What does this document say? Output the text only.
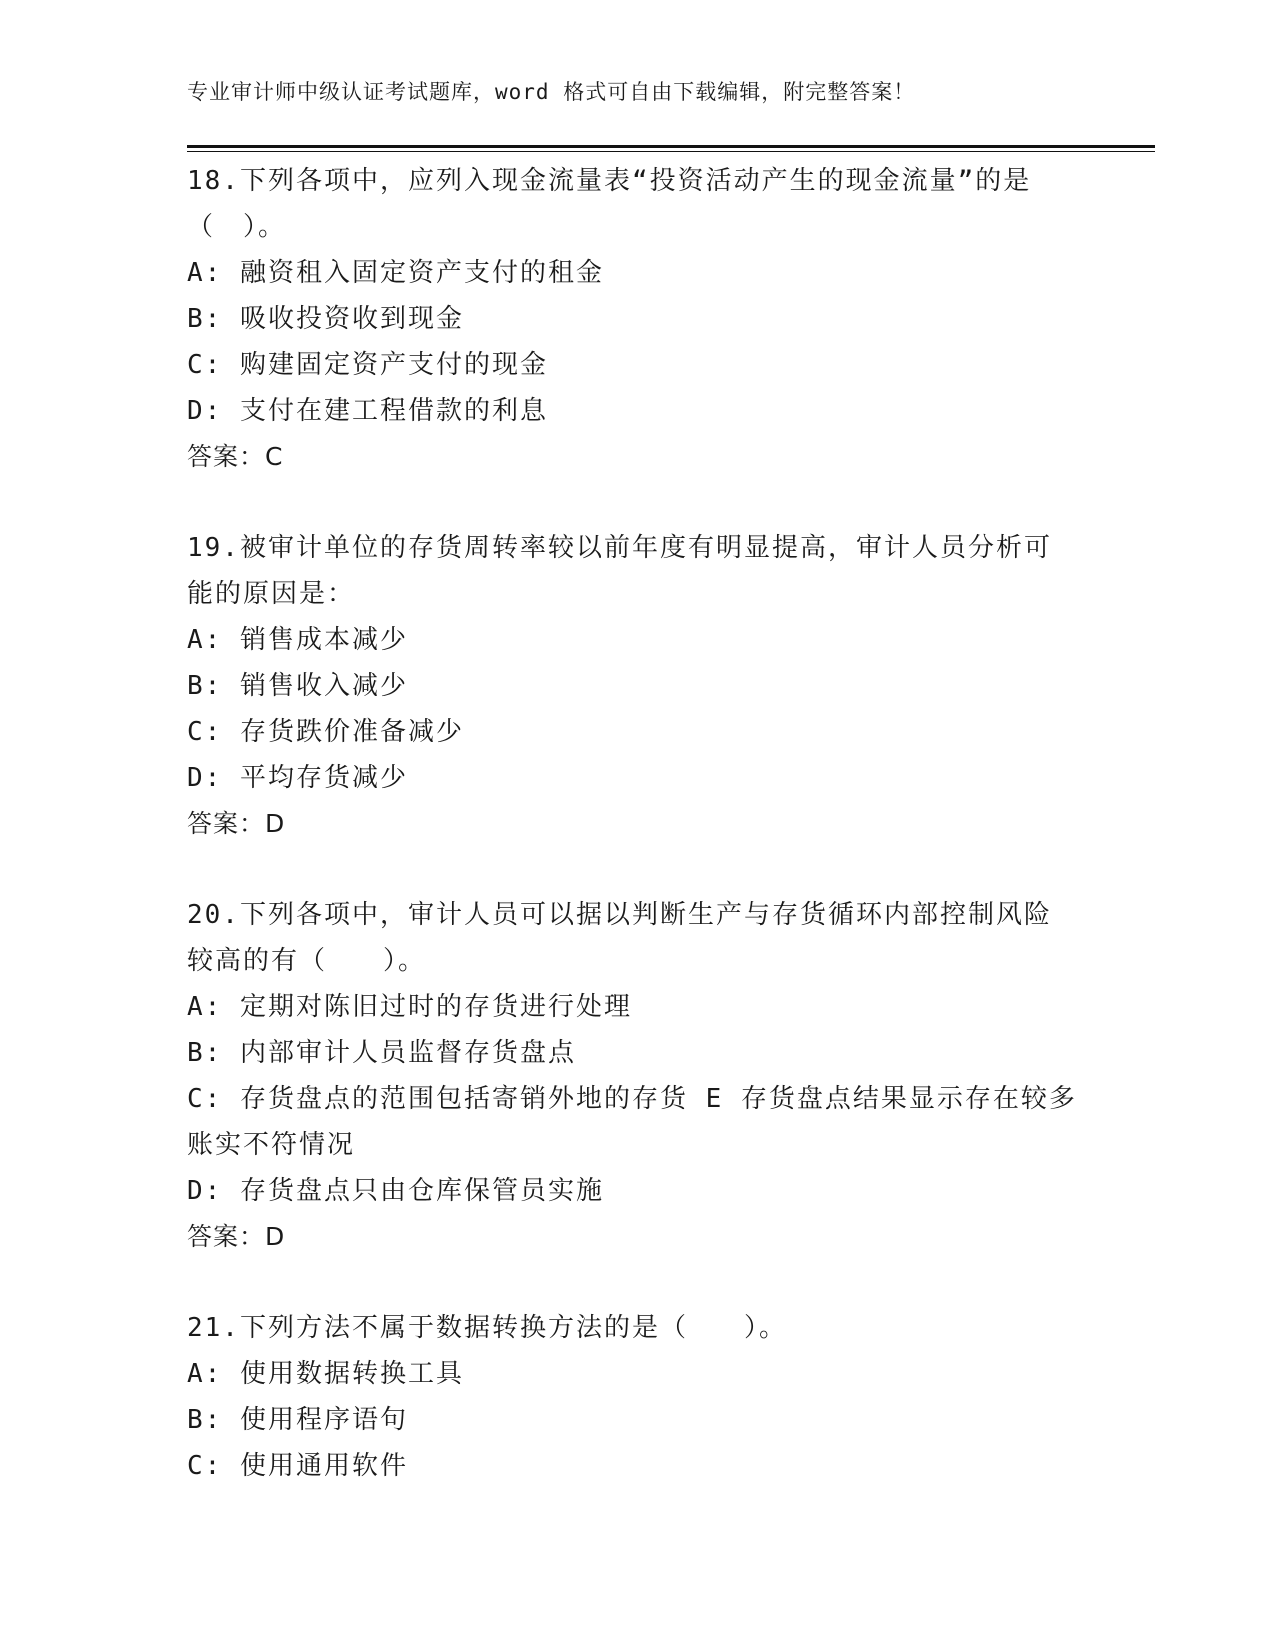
专业审计师中级认证考试题库，word 格式可自由下载编辑，附完整答案！
18.下列各项中，应列入现金流量表“投资活动产生的现金流量”的是
（　）。
A: 融资租入固定资产支付的租金
B: 吸收投资收到现金
C: 购建固定资产支付的现金
D: 支付在建工程借款的利息
答案：C
19.被审计单位的存货周转率较以前年度有明显提高，审计人员分析可
能的原因是：
A: 销售成本减少
B: 销售收入减少
C: 存货跌价准备减少
D: 平均存货减少
答案：D
20.下列各项中，审计人员可以据以判断生产与存货循环内部控制风险
较高的有（　　）。
A: 定期对陈旧过时的存货进行处理
B: 内部审计人员监督存货盘点
C: 存货盘点的范围包括寄销外地的存货 E 存货盘点结果显示存在较多
账实不符情况
D: 存货盘点只由仓库保管员实施
答案：D
21.下列方法不属于数据转换方法的是（　　）。
A: 使用数据转换工具
B: 使用程序语句
C: 使用通用软件
